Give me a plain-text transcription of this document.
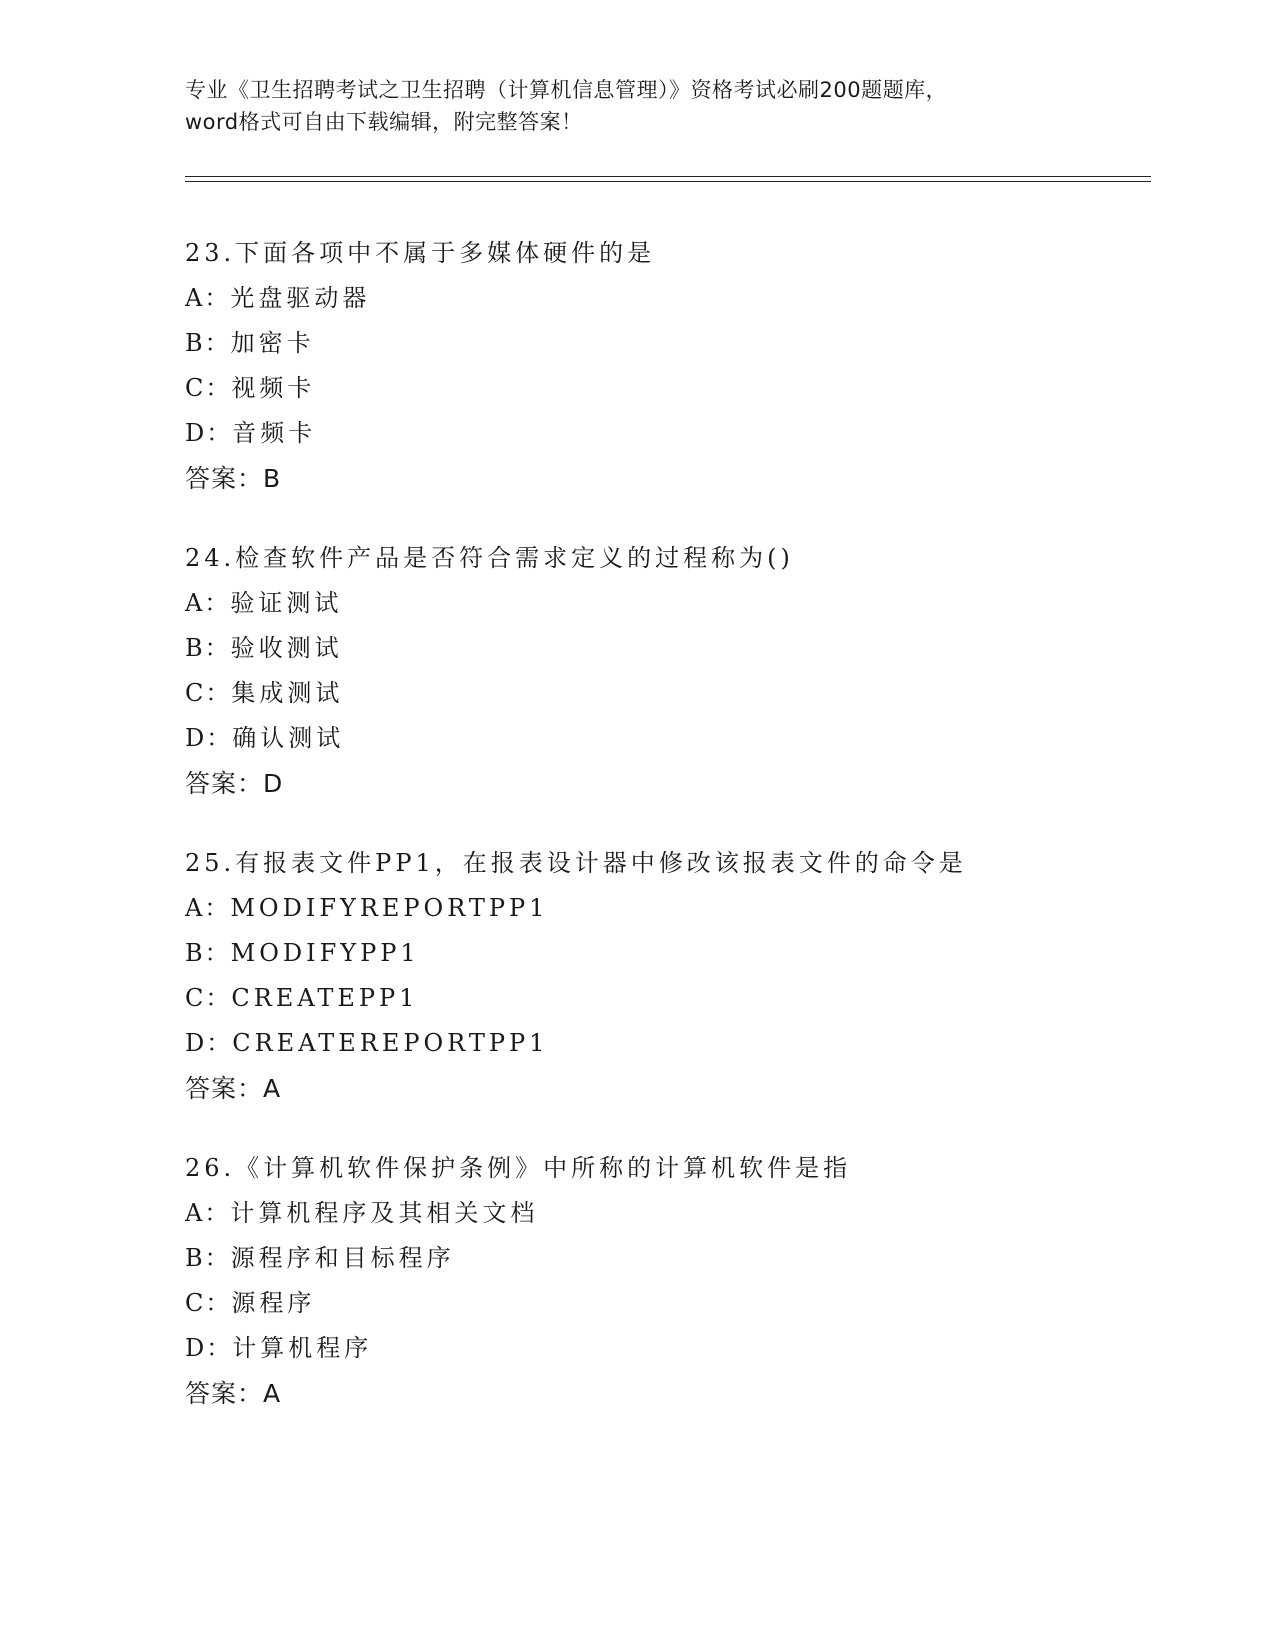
专业《卫生招聘考试之卫生招聘（计算机信息管理）》资格考试必刷200题题库，
word格式可自由下载编辑，附完整答案！
23.下面各项中不属于多媒体硬件的是
A：光盘驱动器
B：加密卡
C：视频卡
D：音频卡
答案：B
24.检查软件产品是否符合需求定义的过程称为()
A：验证测试
B：验收测试
C：集成测试
D：确认测试
答案：D
25.有报表文件PP1，在报表设计器中修改该报表文件的命令是
A：MODIFYREPORTPP1
B：MODIFYPP1
C：CREATEPP1
D：CREATEREPORTPP1
答案：A
26.《计算机软件保护条例》中所称的计算机软件是指
A：计算机程序及其相关文档
B：源程序和目标程序
C：源程序
D：计算机程序
答案：A
